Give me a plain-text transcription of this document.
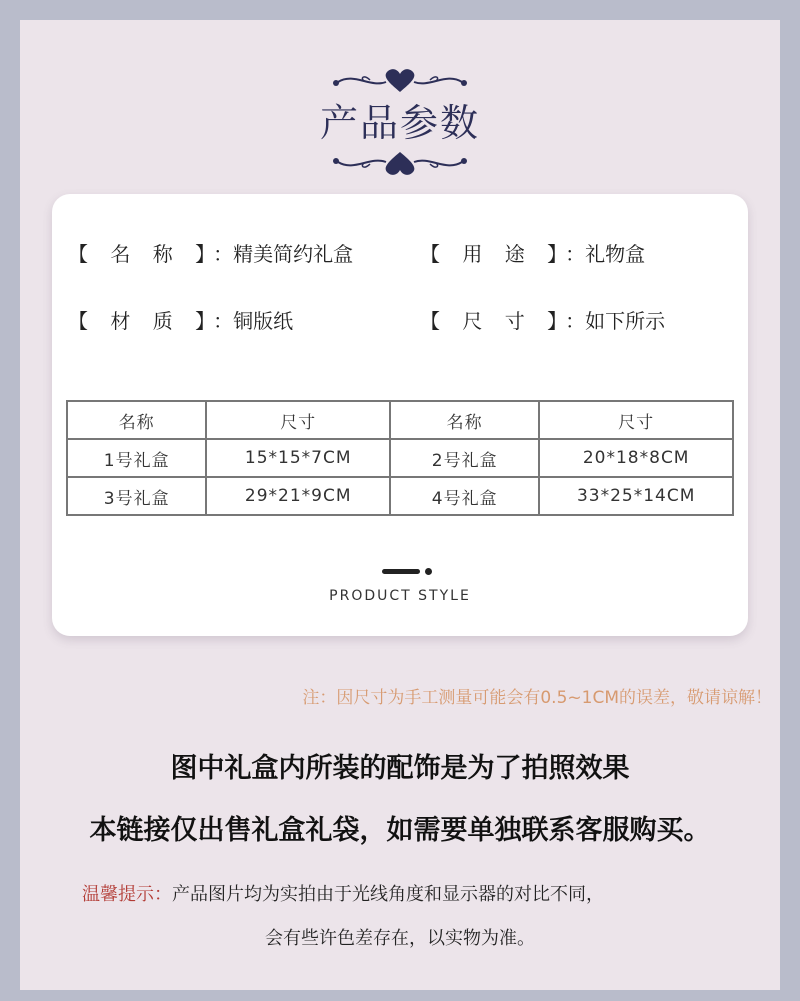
产品参数
【 名 称 】：精美简约礼盒	【 用 途 】：礼物盒
【 材 质 】：铜版纸	【 尺 寸 】：如下所示
名称	尺寸	名称	尺寸
1号礼盒	15*15*7CM	2号礼盒	20*18*8CM
3号礼盒	29*21*9CM	4号礼盒	33*25*14CM
PRODUCT STYLE
注：因尺寸为手工测量可能会有0.5~1CM的误差，敬请谅解！
图中礼盒内所装的配饰是为了拍照效果
本链接仅出售礼盒礼袋，如需要单独联系客服购买。
温馨提示：产品图片均为实拍由于光线角度和显示器的对比不同，
会有些许色差存在，以实物为准。
